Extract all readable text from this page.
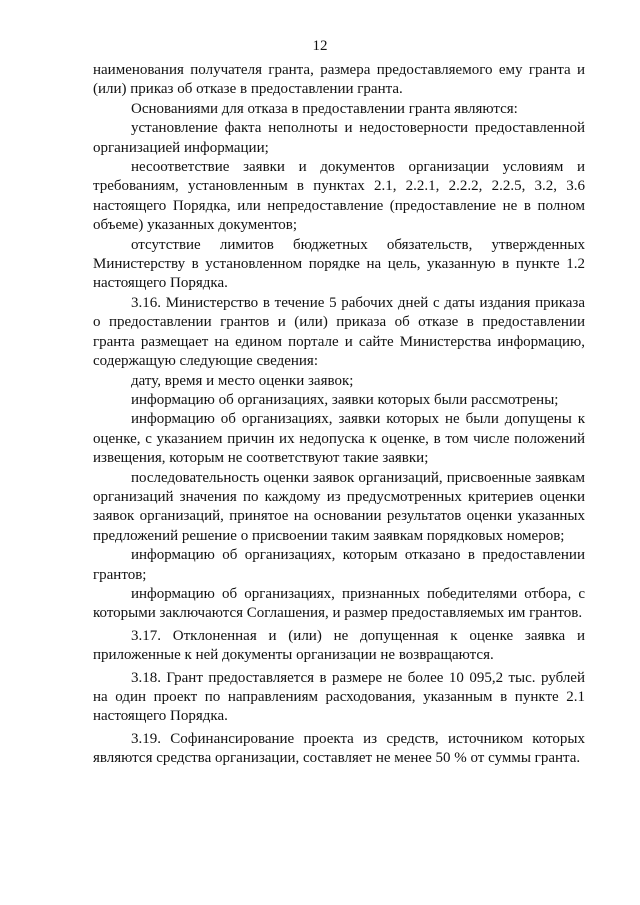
12

наименования получателя гранта, размера предоставляемого ему гранта и (или) приказ об отказе в предоставлении гранта.

Основаниями для отказа в предоставлении гранта являются:

установление факта неполноты и недостоверности предоставленной организацией информации;

несоответствие заявки и документов организации условиям и требованиям, установленным в пунктах 2.1, 2.2.1, 2.2.2, 2.2.5, 3.2, 3.6 настоящего Порядка, или непредоставление (предоставление не в полном объеме) указанных документов;

отсутствие лимитов бюджетных обязательств, утвержденных Министерству в установленном порядке на цель, указанную в пункте 1.2 настоящего Порядка.

3.16. Министерство в течение 5 рабочих дней с даты издания приказа о предоставлении грантов и (или) приказа об отказе в предоставлении гранта размещает на едином портале и сайте Министерства информацию, содержащую следующие сведения:

дату, время и место оценки заявок;

информацию об организациях, заявки которых были рассмотрены;

информацию об организациях, заявки которых не были допущены к оценке, с указанием причин их недопуска к оценке, в том числе положений извещения, которым не соответствуют такие заявки;

последовательность оценки заявок организаций, присвоенные заявкам организаций значения по каждому из предусмотренных критериев оценки заявок организаций, принятое на основании результатов оценки указанных предложений решение о присвоении таким заявкам порядковых номеров;

информацию об организациях, которым отказано в предоставлении грантов;

информацию об организациях, признанных победителями отбора, с которыми заключаются Соглашения, и размер предоставляемых им грантов.

3.17. Отклоненная и (или) не допущенная к оценке заявка и приложенные к ней документы организации не возвращаются.

3.18. Грант предоставляется в размере не более 10 095,2 тыс. рублей на один проект по направлениям расходования, указанным в пункте 2.1 настоящего Порядка.

3.19. Софинансирование проекта из средств, источником которых являются средства организации, составляет не менее 50 % от суммы гранта.
